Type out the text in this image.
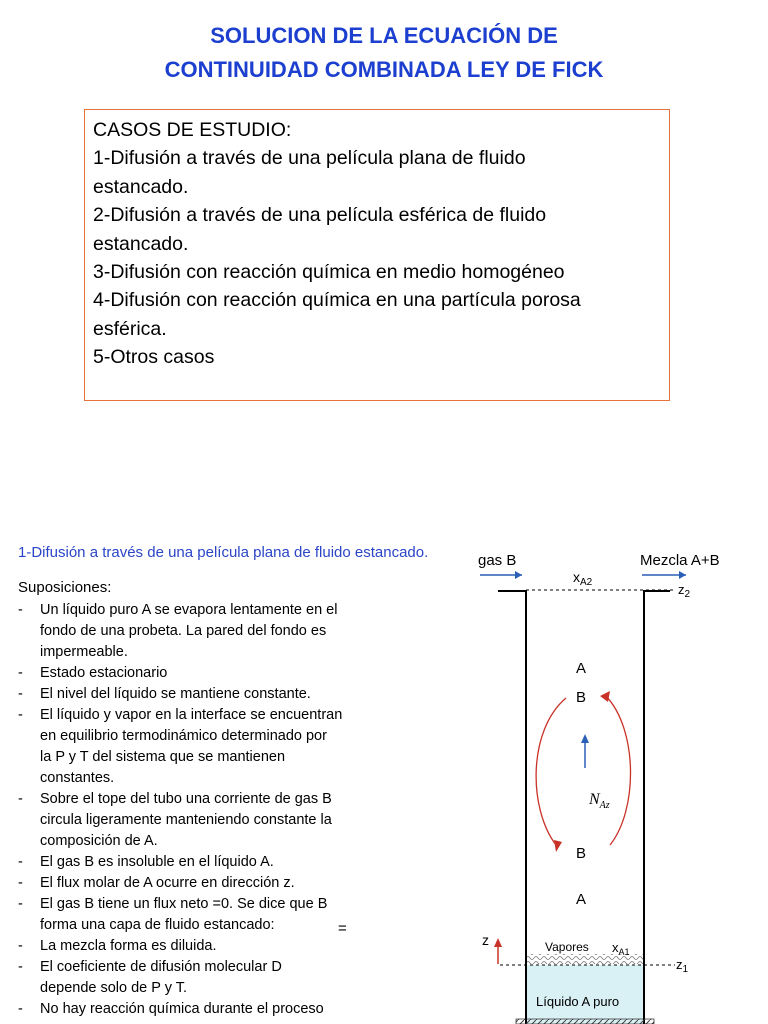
SOLUCION DE LA ECUACIÓN DE
CONTINUIDAD COMBINADA LEY DE FICK
CASOS DE ESTUDIO:
1-Difusión a través de una película plana de fluido
estancado.
2-Difusión a través de una película esférica de fluido
estancado.
3-Difusión con reacción química en medio homogéneo
4-Difusión con reacción química en una partícula porosa
esférica.
5-Otros casos
1-Difusión a través de una película plana de fluido estancado.
Suposiciones:
- Un líquido puro A se evapora lentamente en el
fondo de una probeta. La pared del fondo es
impermeable.
- Estado estacionario
- El nivel del líquido se mantiene constante.
- El líquido y vapor en la interface se encuentran
en equilibrio termodinámico determinado por
la P y T del sistema que se mantienen
constantes.
- Sobre el tope del tubo una corriente de gas B
circula ligeramente manteniendo constante la
composición de A.
- El gas B es insoluble en el líquido A.
- El flux molar de A ocurre en dirección z.
- El gas B tiene un flux neto =0. Se dice que B
forma una capa de fluido estancado:
- La mezcla forma es diluida.
- El coeficiente de difusión molecular D
depende solo de P y T.
- No hay reacción química durante el proceso
=
gas B	Mezcla A+B
$x_{A2}$	$z_2$
A
B
B
A
$N_{Az}$
z
$z_1$
Vapores $x_{A1}$
Líquido A puro
